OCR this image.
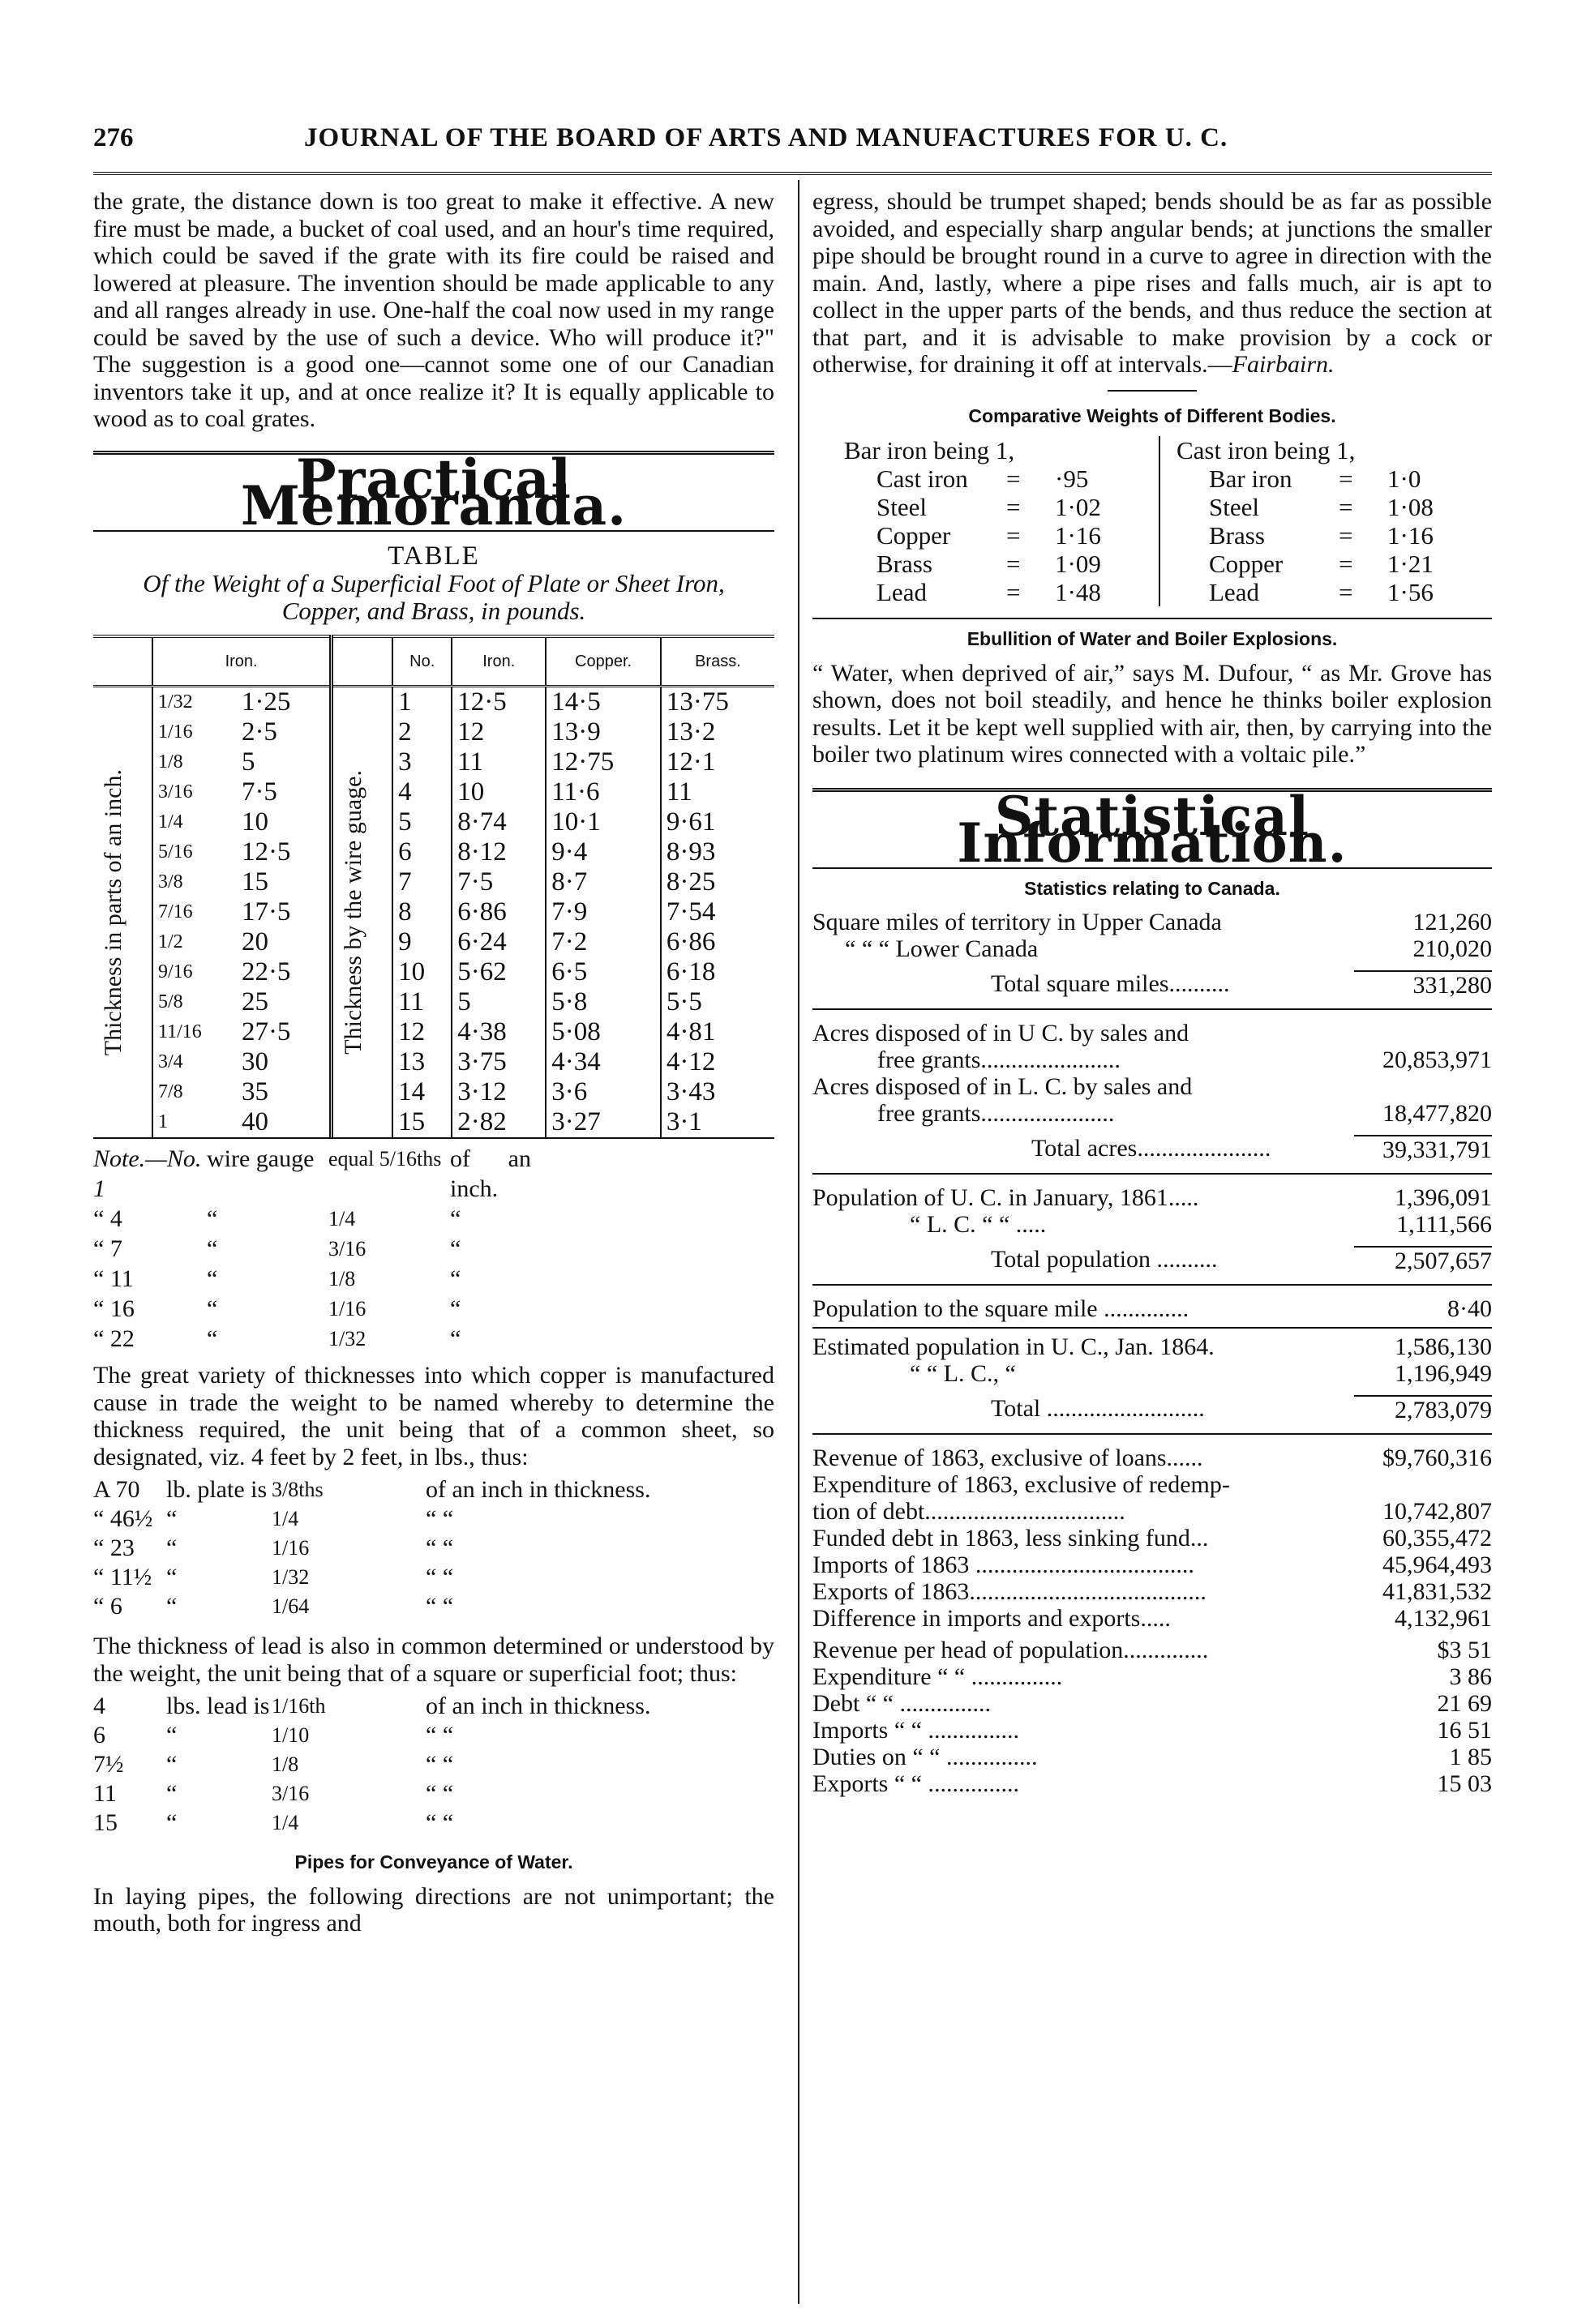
276	JOURNAL OF THE BOARD OF ARTS AND MANUFACTURES FOR U. C.

the grate, the distance down is too great to make it effective. A new fire must be made, a bucket of coal used, and an hour's time required, which could be saved if the grate with its fire could be raised and lowered at pleasure. The invention should be made applicable to any and all ranges already in use. One-half the coal now used in my range could be saved by the use of such a device. Who will produce it?" The suggestion is a good one—cannot some one of our Canadian inventors take it up, and at once realize it? It is equally applicable to wood as to coal grates.

Practical Memoranda.
TABLE
Of the Weight of a Superficial Foot of Plate or Sheet Iron, Copper, and Brass, in pounds.
	Iron.			No.	Iron.	Copper.	Brass.

Thickness in parts of an inch.	1/32	1·25	Thickness by the wire guage.	1	12·5	14·5	13·75
	1/16	2·5		2	12	13·9	13·2
	1/8	5		3	11	12·75	12·1
	3/16	7·5		4	10	11·6	11
	1/4	10		5	8·74	10·1	9·61
	5/16	12·5		6	8·12	9·4	8·93
	3/8	15		7	7·5	8·7	8·25
	7/16	17·5		8	6·86	7·9	7·54
	1/2	20		9	6·24	7·2	6·86
	9/16	22·5		10	5·62	6·5	6·18
	5/8	25		11	5	5·8	5·5
	11/16	27·5		12	4·38	5·08	4·81
	3/4	30		13	3·75	4·34	4·12
	7/8	35		14	3·12	3·6	3·43
	1	40		15	2·82	3·27	3·1
Note.—No. 1
wire gauge equal 5/16ths of an inch.
“ 4	“	1/4	“
“ 7	“	3/16	“
“ 11	“	1/8	“
“ 16	“	1/16	“
“ 22	“	1/32	“

The great variety of thicknesses into which copper is manufactured cause in trade the weight to be named whereby to determine the thickness required, the unit being that of a common sheet, so designated, viz. 4 feet by 2 feet, in lbs., thus:

A 70	lb. plate is 3/8ths	of an inch in thickness.
“ 46½ “	1/4	“ “
“ 23	“	1/16	“ “
“ 11½ “	1/32	“ “
“ 6	“	1/64	“ “

The thickness of lead is also in common determined or understood by the weight, the unit being that of a square or superficial foot; thus:

4	lbs. lead is 1/16th	of an inch in thickness.
6	“	1/10	“ “
7½	“	1/8	“ “
11	“	3/16	“ “
15	“	1/4	“ “
Pipes for Conveyance of Water.

In laying pipes, the following directions are not unimportant; the mouth, both for ingress and

egress, should be trumpet shaped; bends should be as far as possible avoided, and especially sharp angular bends; at junctions the smaller pipe should be brought round in a curve to agree in direction with the main. And, lastly, where a pipe rises and falls much, air is apt to collect in the upper parts of the bends, and thus reduce the section at that part, and it is advisable to make provision by a cock or otherwise, for draining it off at intervals.—Fairbairn.

Comparative Weights of Different Bodies.
Bar iron being 1,
Cast iron	=	·95
Steel	=	1·02
Copper	=	1·16
Brass	=	1·09
Lead	=	1·48
Cast iron being 1,
Bar iron	=	1·0
Steel	=	1·08
Brass	=	1·16
Copper	=	1·21
Lead	=	1·56
Ebullition of Water and Boiler Explosions.

“ Water, when deprived of air,” says M. Dufour, “ as Mr. Grove has shown, does not boil steadily, and hence he thinks boiler explosion results. Let it be kept well supplied with air, then, by carrying into the boiler two platinum wires connected with a voltaic pile.”

Statistical Information.
Statistics relating to Canada.
Square miles of territory in Upper Canada	121,260
“ “ “ Lower Canada	210,020
Total square miles..........	331,280
Acres disposed of in U C. by sales and
free grants.......................	20,853,971
Acres disposed of in L. C. by sales and
free grants......................	18,477,820
Total acres......................	39,331,791
Population of U. C. in January, 1861.....	1,396,091
“ L. C. “ “ .....	1,111,566
Total population ..........	2,507,657
Population to the square mile ..............	8·40
Estimated population in U. C., Jan. 1864.	1,586,130
“ “ L. C., “	1,196,949
Total ..........................	2,783,079
Revenue of 1863, exclusive of loans......	$9,760,316
Expenditure of 1863, exclusive of redemp-
tion of debt.................................	10,742,807
Funded debt in 1863, less sinking fund...	60,355,472
Imports of 1863 ....................................	45,964,493
Exports of 1863.......................................	41,831,532
Difference in imports and exports.....	4,132,961
Revenue per head of population..............	$3 51
Expenditure “ “ ...............	3 86
Debt “ “ ...............	21 69
Imports “ “ ...............	16 51
Duties on “ “ ...............	1 85
Exports “ “ ...............	15 03
